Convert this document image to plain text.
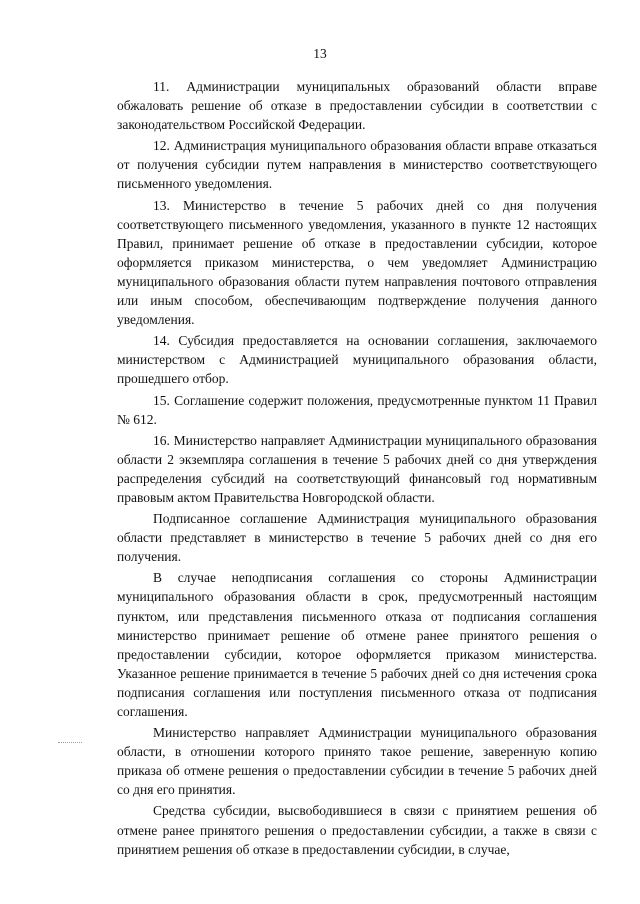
13

11. Администрации муниципальных образований области вправе обжаловать решение об отказе в предоставлении субсидии в соответствии с законодательством Российской Федерации.

12. Администрация муниципального образования области вправе отказаться от получения субсидии путем направления в министерство соответствующего письменного уведомления.

13. Министерство в течение 5 рабочих дней со дня получения соответствующего письменного уведомления, указанного в пункте 12 настоящих Правил, принимает решение об отказе в предоставлении субсидии, которое оформляется приказом министерства, о чем уведомляет Администрацию муниципального образования области путем направления почтового отправления или иным способом, обеспечивающим подтверждение получения данного уведомления.

14. Субсидия предоставляется на основании соглашения, заключаемого министерством с Администрацией муниципального образования области, прошедшего отбор.

15. Соглашение содержит положения, предусмотренные пунктом 11 Правил № 612.

16. Министерство направляет Администрации муниципального образования области 2 экземпляра соглашения в течение 5 рабочих дней со дня утверждения распределения субсидий на соответствующий финансовый год нормативным правовым актом Правительства Новгородской области.

Подписанное соглашение Администрация муниципального образования области представляет в министерство в течение 5 рабочих дней со дня его получения.

В случае неподписания соглашения со стороны Администрации муниципального образования области в срок, предусмотренный настоящим пунктом, или представления письменного отказа от подписания соглашения министерство принимает решение об отмене ранее принятого решения о предоставлении субсидии, которое оформляется приказом министерства. Указанное решение принимается в течение 5 рабочих дней со дня истечения срока подписания соглашения или поступления письменного отказа от подписания соглашения.

Министерство направляет Администрации муниципального образования области, в отношении которого принято такое решение, заверенную копию приказа об отмене решения о предоставлении субсидии в течение 5 рабочих дней со дня его принятия.

Средства субсидии, высвободившиеся в связи с принятием решения об отмене ранее принятого решения о предоставлении субсидии, а также в связи с принятием решения об отказе в предоставлении субсидии, в случае,
